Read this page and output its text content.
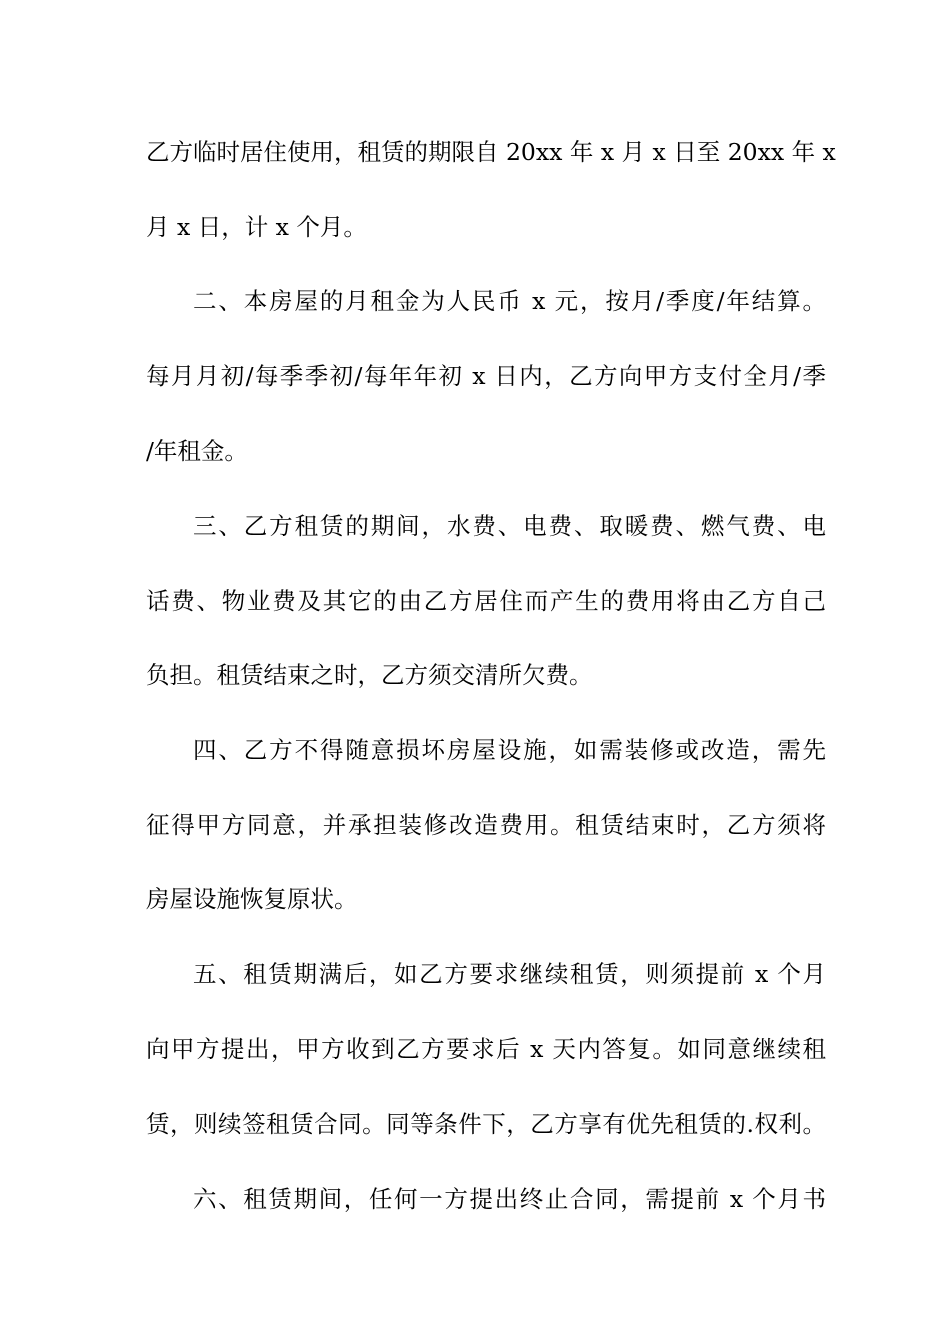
乙方临时居住使用，租赁的期限自 20xx 年 x 月 x 日至 20xx 年 x
月 x 日，计 x 个月。
二、本房屋的月租金为人民币 x 元，按月/季度/年结算。
每月月初/每季季初/每年年初 x 日内，乙方向甲方支付全月/季
/年租金。
三、乙方租赁的期间，水费、电费、取暖费、燃气费、电
话费、物业费及其它的由乙方居住而产生的费用将由乙方自己
负担。租赁结束之时，乙方须交清所欠费。
四、乙方不得随意损坏房屋设施，如需装修或改造，需先
征得甲方同意，并承担装修改造费用。租赁结束时，乙方须将
房屋设施恢复原状。
五、租赁期满后，如乙方要求继续租赁，则须提前 x 个月
向甲方提出，甲方收到乙方要求后 x 天内答复。如同意继续租
赁，则续签租赁合同。同等条件下，乙方享有优先租赁的.权利。
六、租赁期间，任何一方提出终止合同，需提前 x 个月书
